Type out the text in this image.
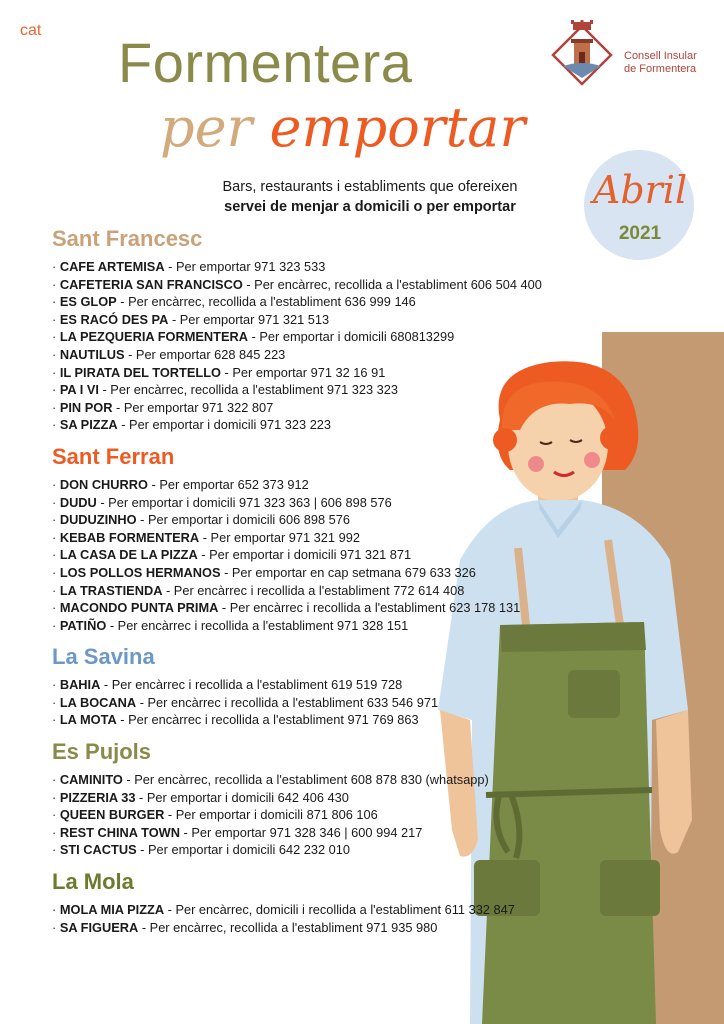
cat
Formentera
per emportar
Bars, restaurants i establiments que ofereixen
servei de menjar a domicili o per emportar
Consell Insular
de Formentera
Abril
2021
Sant Francesc
· CAFE ARTEMISA - Per emportar 971 323 533
· CAFETERIA SAN FRANCISCO - Per encàrrec, recollida a l'establiment 606 504 400
· ES GLOP - Per encàrrec, recollida a l'establiment 636 999 146
· ES RACÓ DES PA - Per emportar 971 321 513
· LA PEZQUERIA FORMENTERA - Per emportar i domicili 680813299
· NAUTILUS - Per emportar 628 845 223
· IL PIRATA DEL TORTELLO - Per emportar 971 32 16 91
· PA I VI - Per encàrrec, recollida a l'establiment 971 323 323
· PIN POR - Per emportar 971 322 807
· SA PIZZA - Per emportar i domicili 971 323 223
Sant Ferran
· DON CHURRO - Per emportar 652 373 912
· DUDU - Per emportar i domicili 971 323 363 | 606 898 576
· DUDUZINHO - Per emportar i domicili 606 898 576
· KEBAB FORMENTERA - Per emportar 971 321 992
· LA CASA DE LA PIZZA - Per emportar i domicili 971 321 871
· LOS POLLOS HERMANOS - Per emportar en cap setmana 679 633 326
· LA TRASTIENDA - Per encàrrec i recollida a l'establiment 772 614 408
· MACONDO PUNTA PRIMA - Per encàrrec i recollida a l'establiment 623 178 131
· PATIÑO - Per encàrrec i recollida a l'establiment 971 328 151
La Savina
· BAHIA - Per encàrrec i recollida a l'establiment 619 519 728
· LA BOCANA - Per encàrrec i recollida a l'establiment 633 546 971
· LA MOTA - Per encàrrec i recollida a l'establiment 971 769 863
Es Pujols
· CAMINITO - Per encàrrec, recollida a l'establiment 608 878 830 (whatsapp)
· PIZZERIA 33 - Per emportar i domicili 642 406 430
· QUEEN BURGER - Per emportar i domicili 871 806 106
· REST CHINA TOWN - Per emportar 971 328 346 | 600 994 217
· STI CACTUS - Per emportar i domicili 642 232 010
La Mola
· MOLA MIA PIZZA - Per encàrrec, domicili i recollida a l'establiment 611 332 847
· SA FIGUERA - Per encàrrec, recollida a l'establiment 971 935 980
